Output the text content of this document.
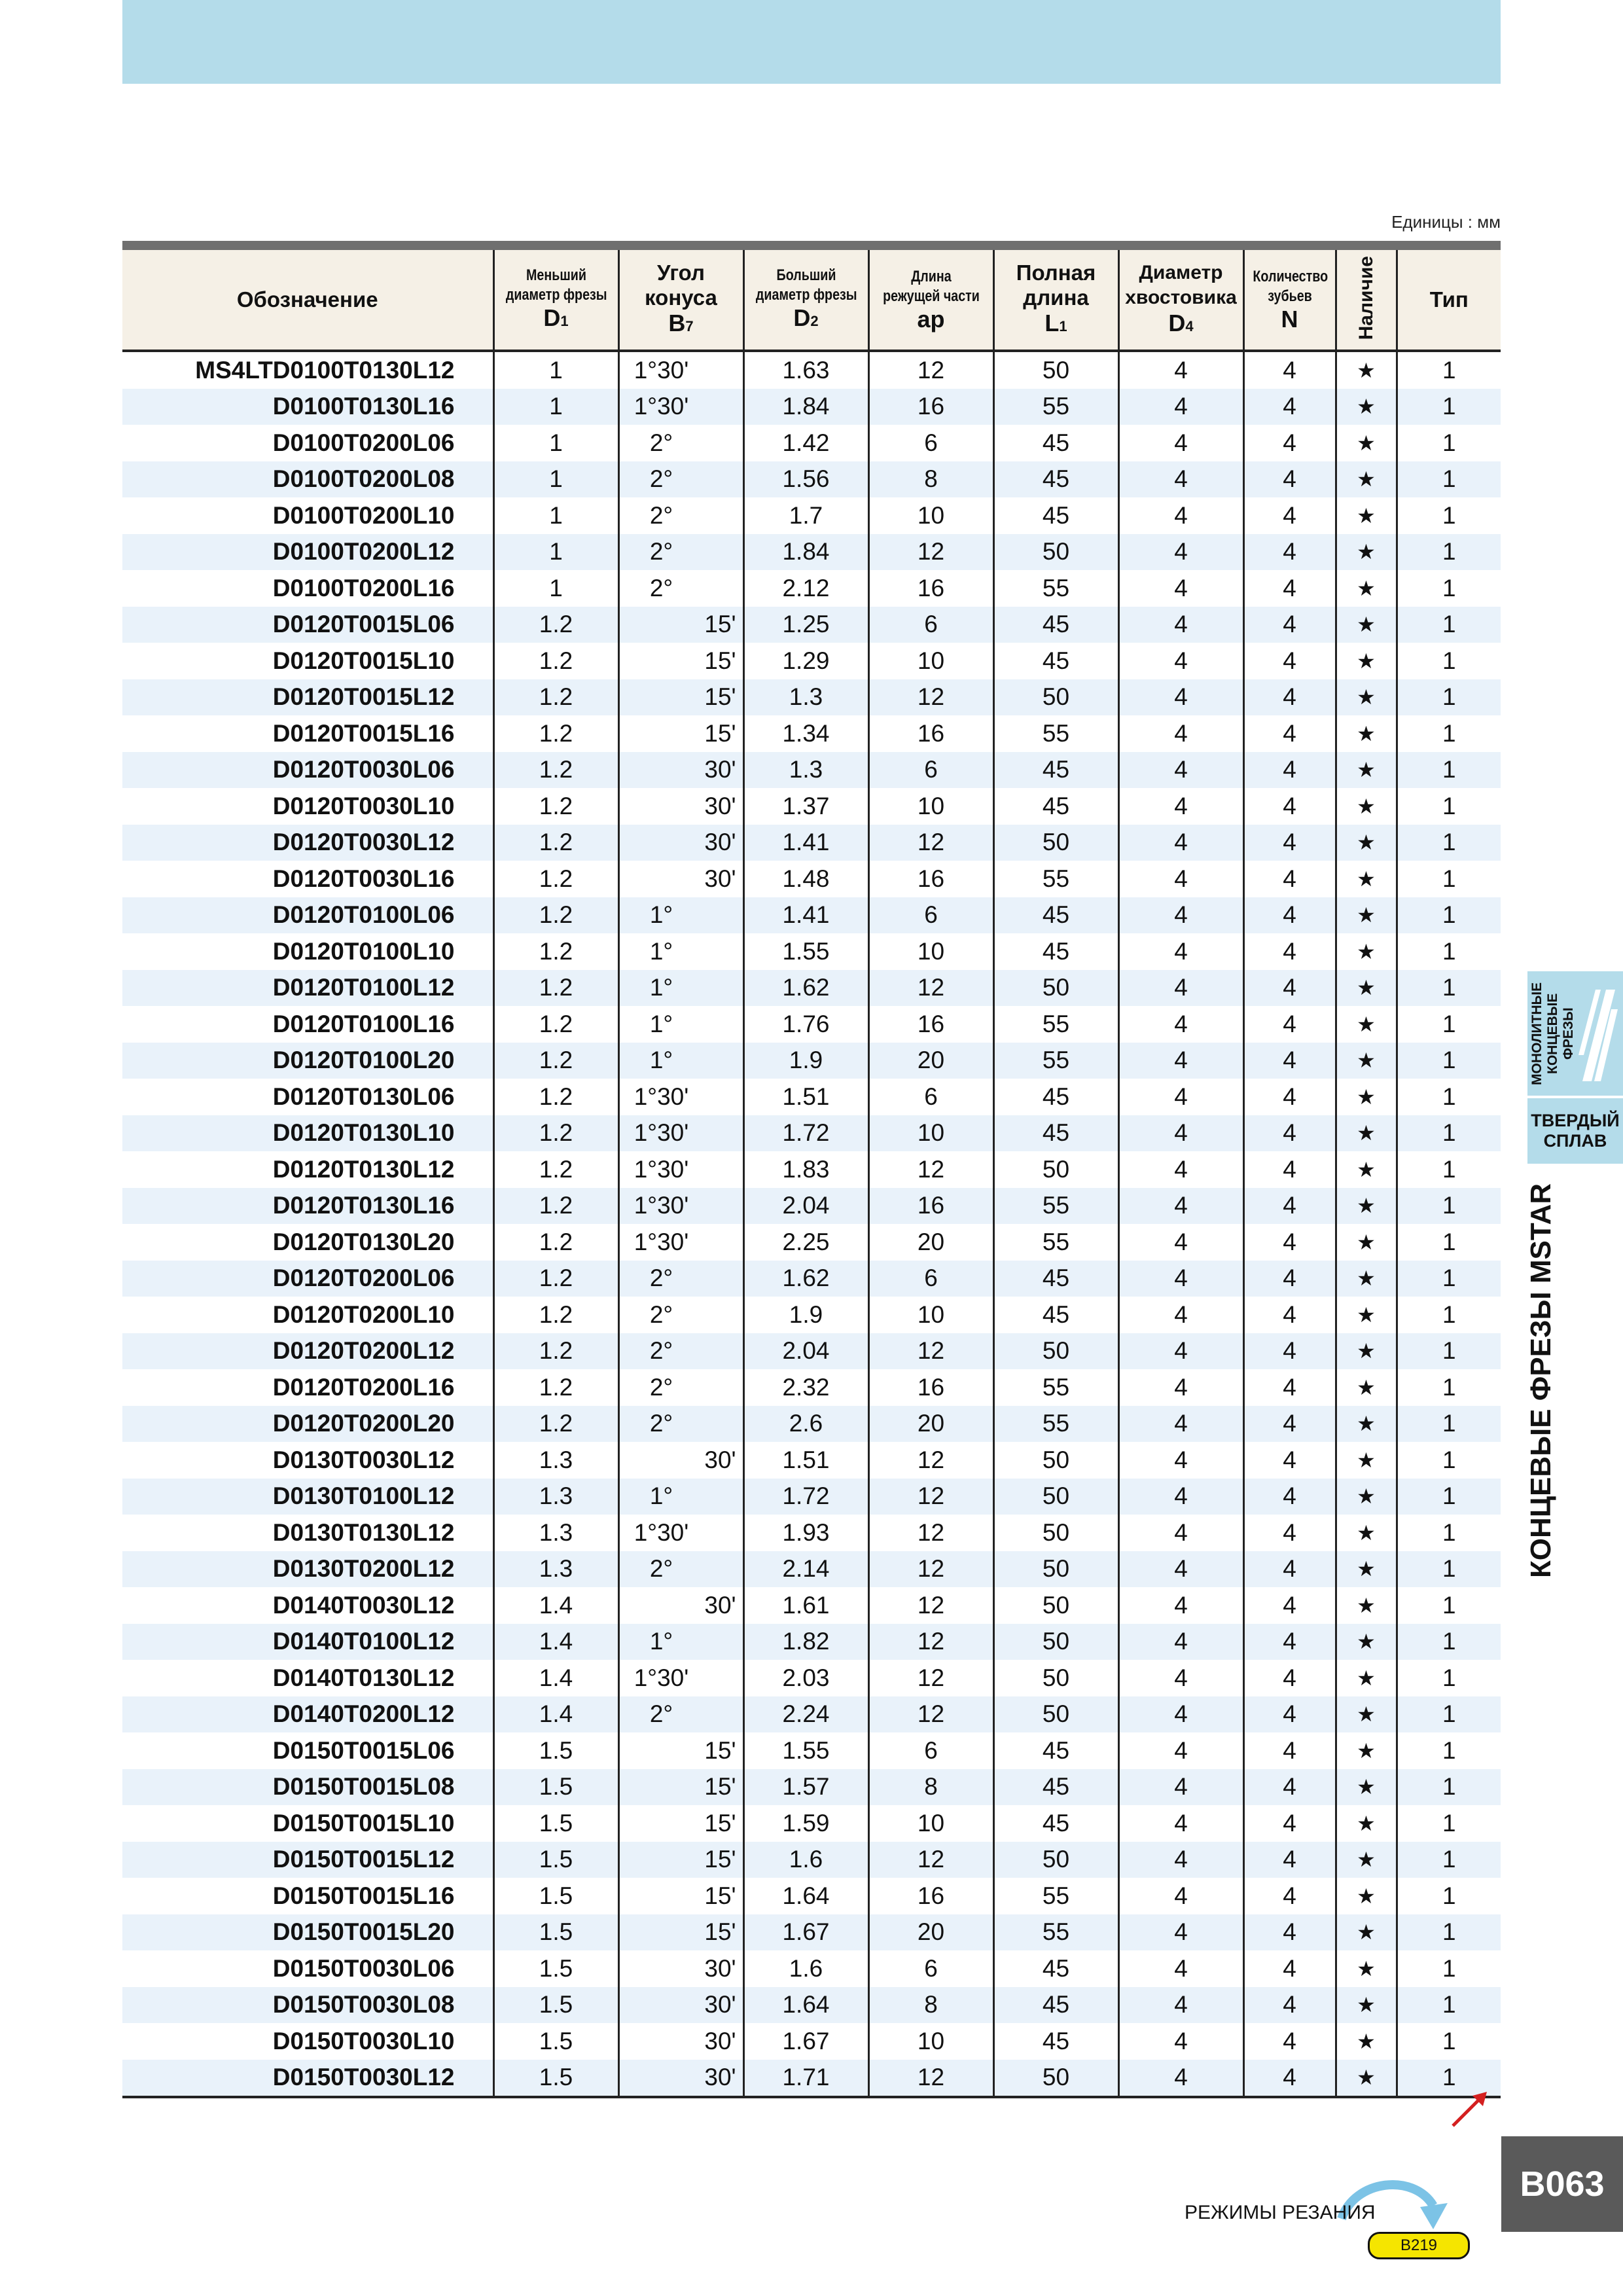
Единицы : мм
Обозначение	Меньший
диаметр фрезы
D1	Угол
конуса
B7	Больший
диаметр фрезы
D2	Длина
режущей части
ap	Полная
длина
L1	Диаметр
хвостовика
D4	Количество
зубьев
N	Наличие	Тип

MS4LTD0100T0130L12	1	1°30'	1.63	12	50	4	4	★	1
D0100T0130L16	1	1°30'	1.84	16	55	4	4	★	1
D0100T0200L06	1	2°	1.42	6	45	4	4	★	1
D0100T0200L08	1	2°	1.56	8	45	4	4	★	1
D0100T0200L10	1	2°	1.7	10	45	4	4	★	1
D0100T0200L12	1	2°	1.84	12	50	4	4	★	1
D0100T0200L16	1	2°	2.12	16	55	4	4	★	1
D0120T0015L06	1.2	15'	1.25	6	45	4	4	★	1
D0120T0015L10	1.2	15'	1.29	10	45	4	4	★	1
D0120T0015L12	1.2	15'	1.3	12	50	4	4	★	1
D0120T0015L16	1.2	15'	1.34	16	55	4	4	★	1
D0120T0030L06	1.2	30'	1.3	6	45	4	4	★	1
D0120T0030L10	1.2	30'	1.37	10	45	4	4	★	1
D0120T0030L12	1.2	30'	1.41	12	50	4	4	★	1
D0120T0030L16	1.2	30'	1.48	16	55	4	4	★	1
D0120T0100L06	1.2	1°	1.41	6	45	4	4	★	1
D0120T0100L10	1.2	1°	1.55	10	45	4	4	★	1
D0120T0100L12	1.2	1°	1.62	12	50	4	4	★	1
D0120T0100L16	1.2	1°	1.76	16	55	4	4	★	1
D0120T0100L20	1.2	1°	1.9	20	55	4	4	★	1
D0120T0130L06	1.2	1°30'	1.51	6	45	4	4	★	1
D0120T0130L10	1.2	1°30'	1.72	10	45	4	4	★	1
D0120T0130L12	1.2	1°30'	1.83	12	50	4	4	★	1
D0120T0130L16	1.2	1°30'	2.04	16	55	4	4	★	1
D0120T0130L20	1.2	1°30'	2.25	20	55	4	4	★	1
D0120T0200L06	1.2	2°	1.62	6	45	4	4	★	1
D0120T0200L10	1.2	2°	1.9	10	45	4	4	★	1
D0120T0200L12	1.2	2°	2.04	12	50	4	4	★	1
D0120T0200L16	1.2	2°	2.32	16	55	4	4	★	1
D0120T0200L20	1.2	2°	2.6	20	55	4	4	★	1
D0130T0030L12	1.3	30'	1.51	12	50	4	4	★	1
D0130T0100L12	1.3	1°	1.72	12	50	4	4	★	1
D0130T0130L12	1.3	1°30'	1.93	12	50	4	4	★	1
D0130T0200L12	1.3	2°	2.14	12	50	4	4	★	1
D0140T0030L12	1.4	30'	1.61	12	50	4	4	★	1
D0140T0100L12	1.4	1°	1.82	12	50	4	4	★	1
D0140T0130L12	1.4	1°30'	2.03	12	50	4	4	★	1
D0140T0200L12	1.4	2°	2.24	12	50	4	4	★	1
D0150T0015L06	1.5	15'	1.55	6	45	4	4	★	1
D0150T0015L08	1.5	15'	1.57	8	45	4	4	★	1
D0150T0015L10	1.5	15'	1.59	10	45	4	4	★	1
D0150T0015L12	1.5	15'	1.6	12	50	4	4	★	1
D0150T0015L16	1.5	15'	1.64	16	55	4	4	★	1
D0150T0015L20	1.5	15'	1.67	20	55	4	4	★	1
D0150T0030L06	1.5	30'	1.6	6	45	4	4	★	1
D0150T0030L08	1.5	30'	1.64	8	45	4	4	★	1
D0150T0030L10	1.5	30'	1.67	10	45	4	4	★	1
D0150T0030L12	1.5	30'	1.71	12	50	4	4	★	1
МОНОЛИТНЫЕ
КОНЦЕВЫЕ ФРЕЗЫ
ТВЕРДЫЙ
СПЛАВ
КОНЦЕВЫЕ ФРЕЗЫ MSTAR
B063
РЕЖИМЫ РЕЗАНИЯ
B219
